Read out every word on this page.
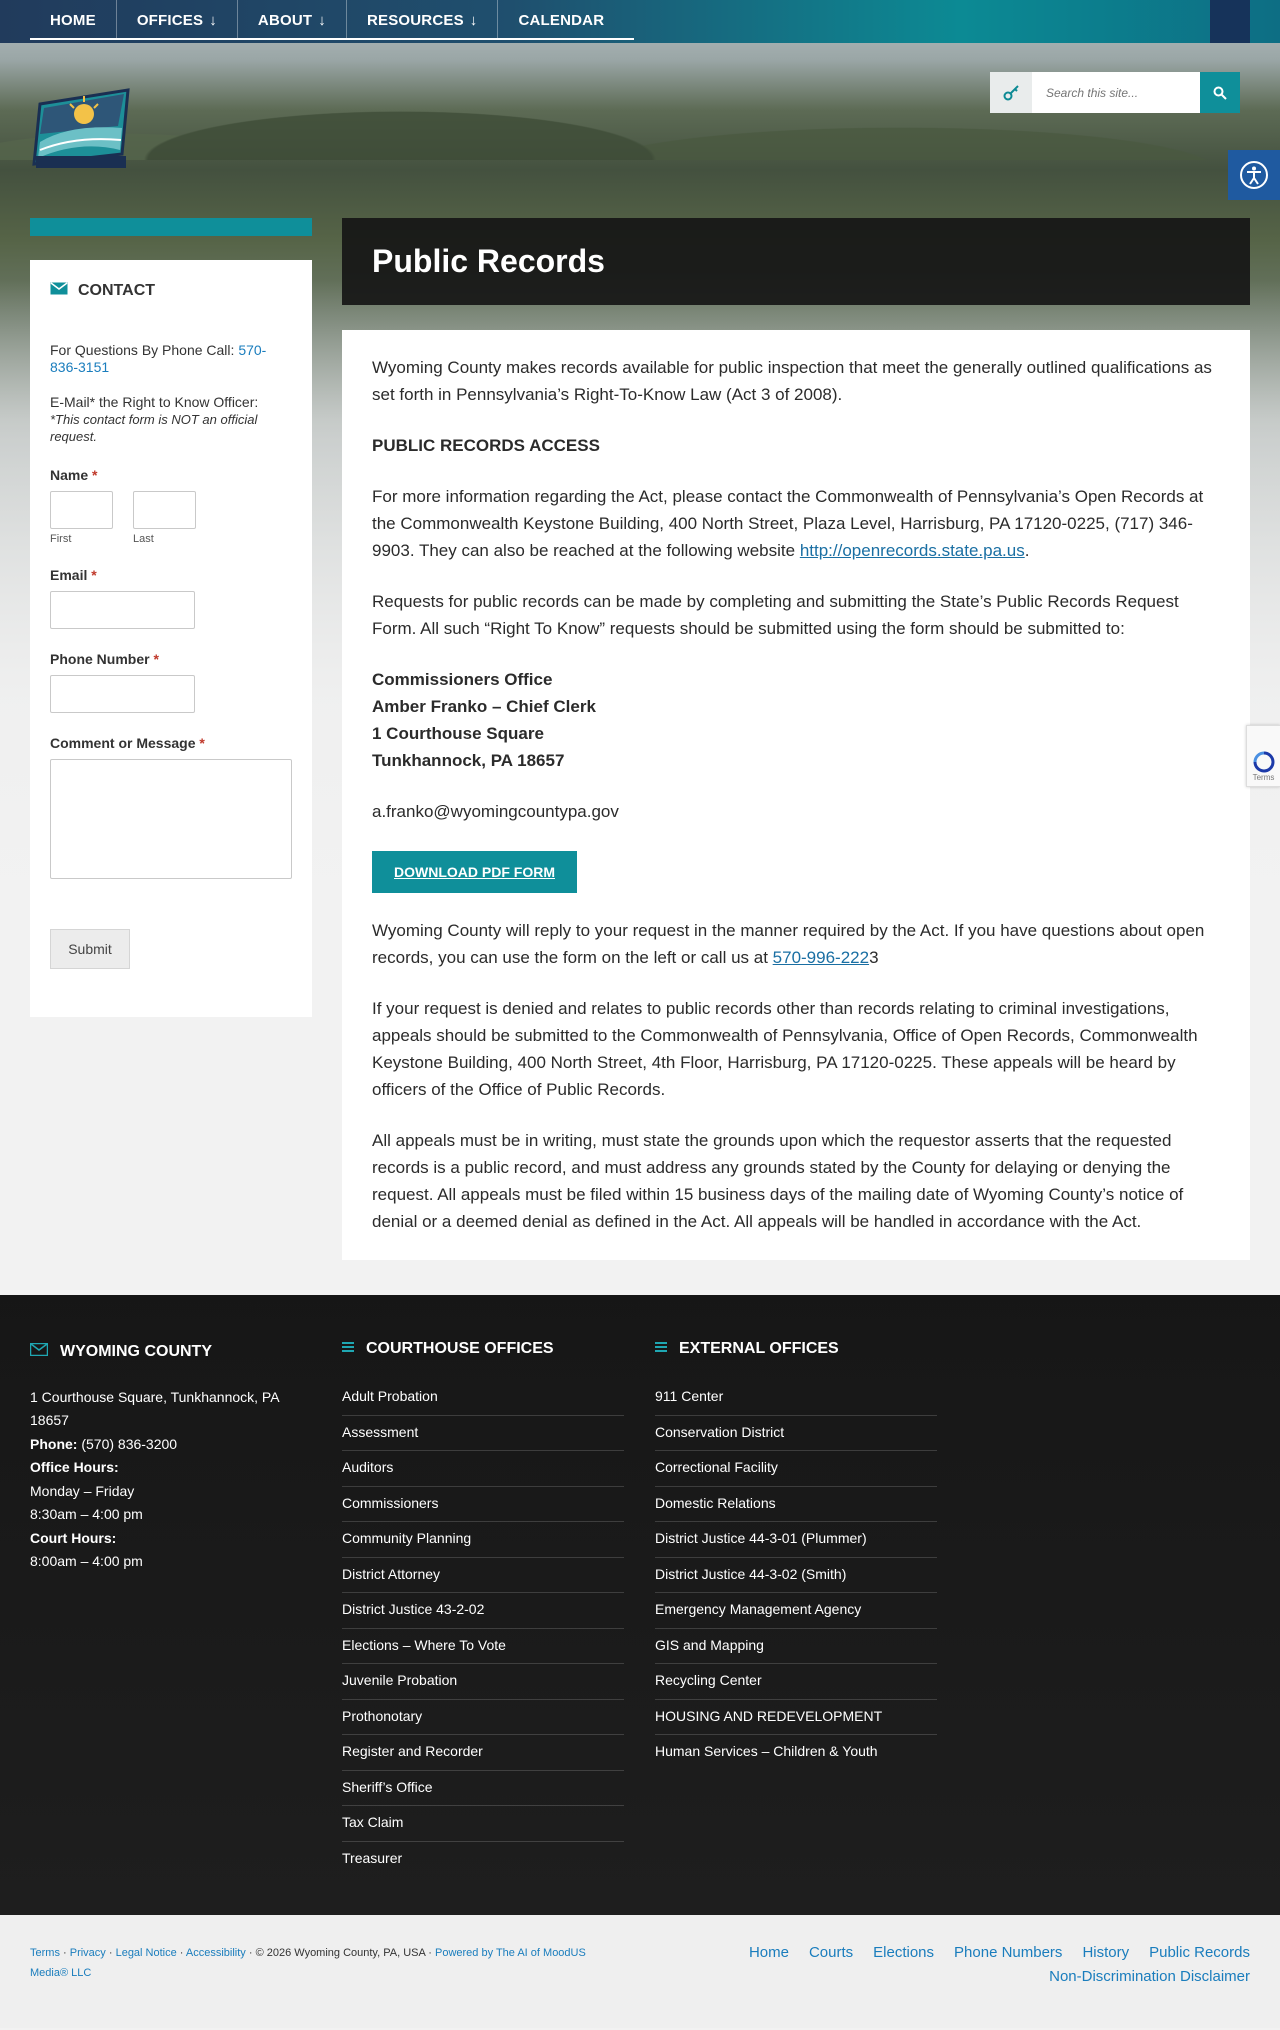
HOME	OFFICES ↓	ABOUT ↓	RESOURCES ↓	CALENDAR
Search this site...
CONTACT
For Questions By Phone Call: 570-836-3151
E-Mail* the Right to Know Officer:
*This contact form is NOT an official request.
Name *
First	Last
Email *
Phone Number *
Comment or Message *
Submit
Public Records

Wyoming County makes records available for public inspection that meet the generally outlined qualifications as set forth in Pennsylvania’s Right-To-Know Law (Act 3 of 2008).

PUBLIC RECORDS ACCESS

For more information regarding the Act, please contact the Commonwealth of Pennsylvania’s Open Records at the Commonwealth Keystone Building, 400 North Street, Plaza Level, Harrisburg, PA 17120-0225, (717) 346-9903. They can also be reached at the following website http://openrecords.state.pa.us.

Requests for public records can be made by completing and submitting the State’s Public Records Request Form. All such “Right To Know” requests should be submitted using the form should be submitted to:

Commissioners Office
Amber Franko – Chief Clerk
1 Courthouse Square
Tunkhannock, PA 18657

a.franko@wyomingcountypa.gov

DOWNLOAD PDF FORM

Wyoming County will reply to your request in the manner required by the Act. If you have questions about open records, you can use the form on the left or call us at 570-996-2223

If your request is denied and relates to public records other than records relating to criminal investigations, appeals should be submitted to the Commonwealth of Pennsylvania, Office of Open Records, Commonwealth Keystone Building, 400 North Street, 4th Floor, Harrisburg, PA 17120-0225. These appeals will be heard by officers of the Office of Public Records.

All appeals must be in writing, must state the grounds upon which the requestor asserts that the requested records is a public record, and must address any grounds stated by the County for delaying or denying the request. All appeals must be filed within 15 business days of the mailing date of Wyoming County’s notice of denial or a deemed denial as defined in the Act. All appeals will be handled in accordance with the Act.

Terms
WYOMING COUNTY
1 Courthouse Square, Tunkhannock, PA 18657
Phone: (570) 836-3200
Office Hours:
Monday – Friday
8:30am – 4:00 pm
Court Hours:
8:00am – 4:00 pm
COURTHOUSE OFFICES
Adult Probation
Assessment
Auditors
Commissioners
Community Planning
District Attorney
District Justice 43-2-02
Elections – Where To Vote
Juvenile Probation
Prothonotary
Register and Recorder
Sheriff’s Office
Tax Claim
Treasurer
EXTERNAL OFFICES
911 Center
Conservation District
Correctional Facility
Domestic Relations
District Justice 44-3-01 (Plummer)
District Justice 44-3-02 (Smith)
Emergency Management Agency
GIS and Mapping
Recycling Center
HOUSING AND REDEVELOPMENT
Human Services – Children & Youth
Terms · Privacy · Legal Notice · Accessibility · © 2026 Wyoming County, PA, USA · Powered by The AI of MoodUS Media® LLC
Home Courts Elections Phone Numbers History Public Records
Non-Discrimination Disclaimer
